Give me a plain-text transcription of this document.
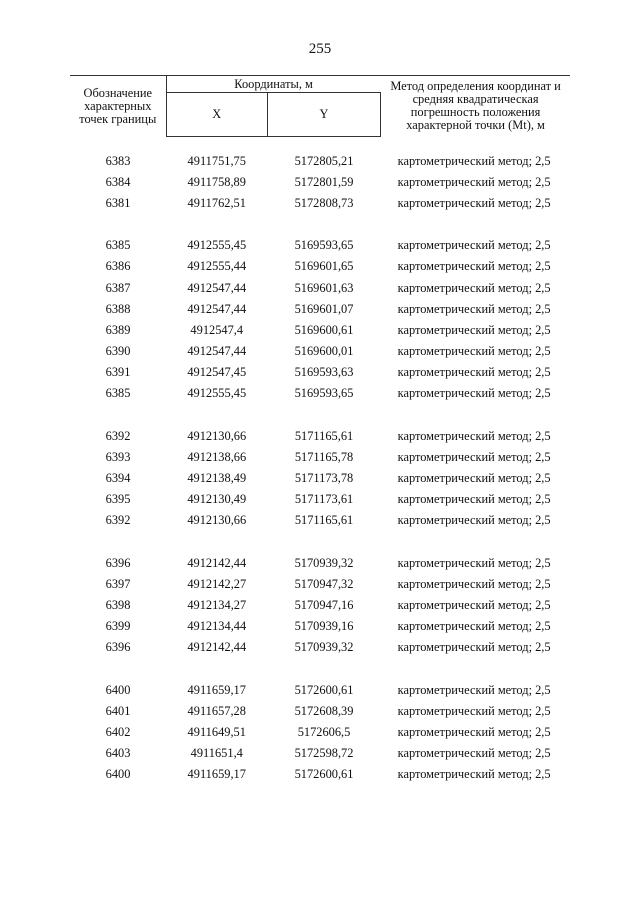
255
Обозначение характерных точек границы	Координаты, м		Метод определения координат и средняя квадратическая погрешность положения характерной точки (Mt), м
	X	Y	

6383	4911751,75	5172805,21	картометрический метод; 2,5
6384	4911758,89	5172801,59	картометрический метод; 2,5
6381	4911762,51	5172808,73	картометрический метод; 2,5

6385	4912555,45	5169593,65	картометрический метод; 2,5
6386	4912555,44	5169601,65	картометрический метод; 2,5
6387	4912547,44	5169601,63	картометрический метод; 2,5
6388	4912547,44	5169601,07	картометрический метод; 2,5
6389	4912547,4	5169600,61	картометрический метод; 2,5
6390	4912547,44	5169600,01	картометрический метод; 2,5
6391	4912547,45	5169593,63	картометрический метод; 2,5
6385	4912555,45	5169593,65	картометрический метод; 2,5

6392	4912130,66	5171165,61	картометрический метод; 2,5
6393	4912138,66	5171165,78	картометрический метод; 2,5
6394	4912138,49	5171173,78	картометрический метод; 2,5
6395	4912130,49	5171173,61	картометрический метод; 2,5
6392	4912130,66	5171165,61	картометрический метод; 2,5

6396	4912142,44	5170939,32	картометрический метод; 2,5
6397	4912142,27	5170947,32	картометрический метод; 2,5
6398	4912134,27	5170947,16	картометрический метод; 2,5
6399	4912134,44	5170939,16	картометрический метод; 2,5
6396	4912142,44	5170939,32	картометрический метод; 2,5

6400	4911659,17	5172600,61	картометрический метод; 2,5
6401	4911657,28	5172608,39	картометрический метод; 2,5
6402	4911649,51	5172606,5	картометрический метод; 2,5
6403	4911651,4	5172598,72	картометрический метод; 2,5
6400	4911659,17	5172600,61	картометрический метод; 2,5
